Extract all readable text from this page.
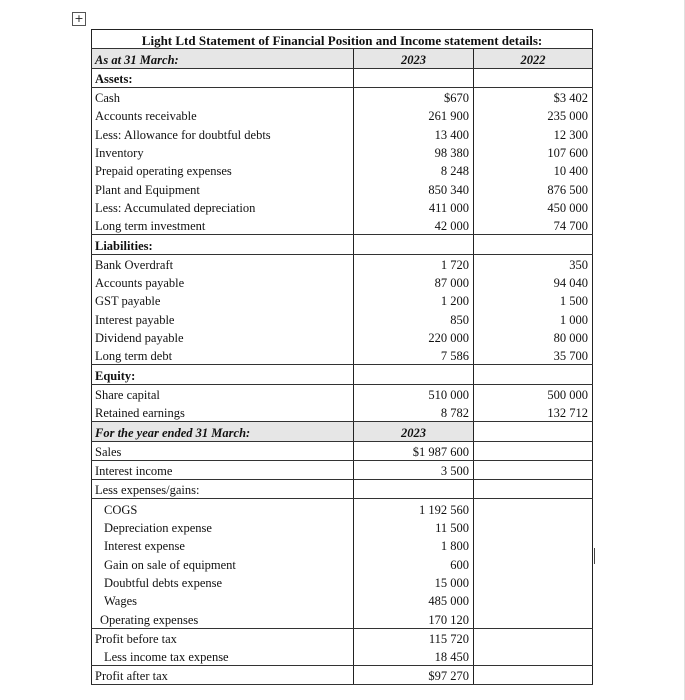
+
Light Ltd Statement of Financial Position and Income statement details:		
As at 31 March:	2023	2022
Assets:		
Cash	$670	$3 402
Accounts receivable	261 900	235 000
Less: Allowance for doubtful debts	13 400	12 300
Inventory	98 380	107 600
Prepaid operating expenses	8 248	10 400
Plant and Equipment	850 340	876 500
Less: Accumulated depreciation	411 000	450 000
Long term investment	42 000	74 700
Liabilities:		
Bank Overdraft	1 720	350
Accounts payable	87 000	94 040
GST payable	1 200	1 500
Interest payable	850	1 000
Dividend payable	220 000	80 000
Long term debt	7 586	35 700
Equity:		
Share capital	510 000	500 000
Retained earnings	8 782	132 712
For the year ended 31 March:	2023	
Sales	$1 987 600	
Interest income	3 500	
Less expenses/gains:		
COGS	1 192 560	
Depreciation expense	11 500	
Interest expense	1 800	
Gain on sale of equipment	600	
Doubtful debts expense	15 000	
Wages	485 000	
Operating expenses	170 120	
Profit before tax	115 720	
Less income tax expense	18 450	
Profit after tax	$97 270	
